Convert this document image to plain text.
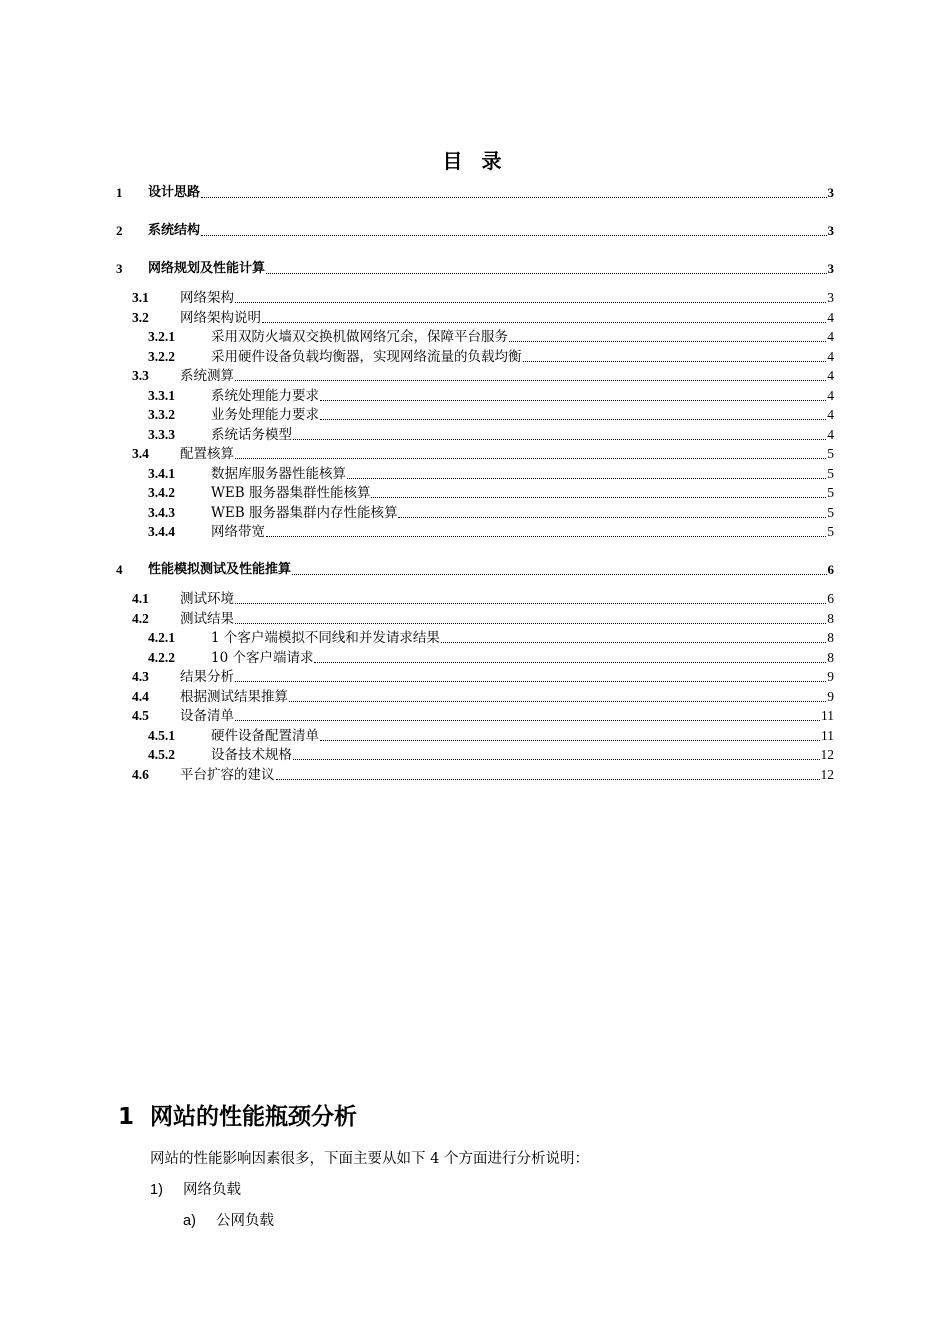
目 录
1	设计思路	3
2	系统结构	3
3	网络规划及性能计算	3
3.1	网络架构	3
3.2	网络架构说明	4
3.2.1	采用双防火墙双交换机做网络冗余，保障平台服务	4
3.2.2	采用硬件设备负载均衡器，实现网络流量的负载均衡	4
3.3	系统测算	4
3.3.1	系统处理能力要求	4
3.3.2	业务处理能力要求	4
3.3.3	系统话务模型	4
3.4	配置核算	5
3.4.1	数据库服务器性能核算	5
3.4.2	WEB 服务器集群性能核算	5
3.4.3	WEB 服务器集群内存性能核算	5
3.4.4	网络带宽	5
4	性能模拟测试及性能推算	6
4.1	测试环境	6
4.2	测试结果	8
4.2.1	1 个客户端模拟不同线和并发请求结果	8
4.2.2	10 个客户端请求	8
4.3	结果分析	9
4.4	根据测试结果推算	9
4.5	设备清单	11
4.5.1	硬件设备配置清单	11
4.5.2	设备技术规格	12
4.6	平台扩容的建议	12
1 网站的性能瓶颈分析
网站的性能影响因素很多，下面主要从如下 4 个方面进行分析说明：
1) 网络负载
a) 公网负载
